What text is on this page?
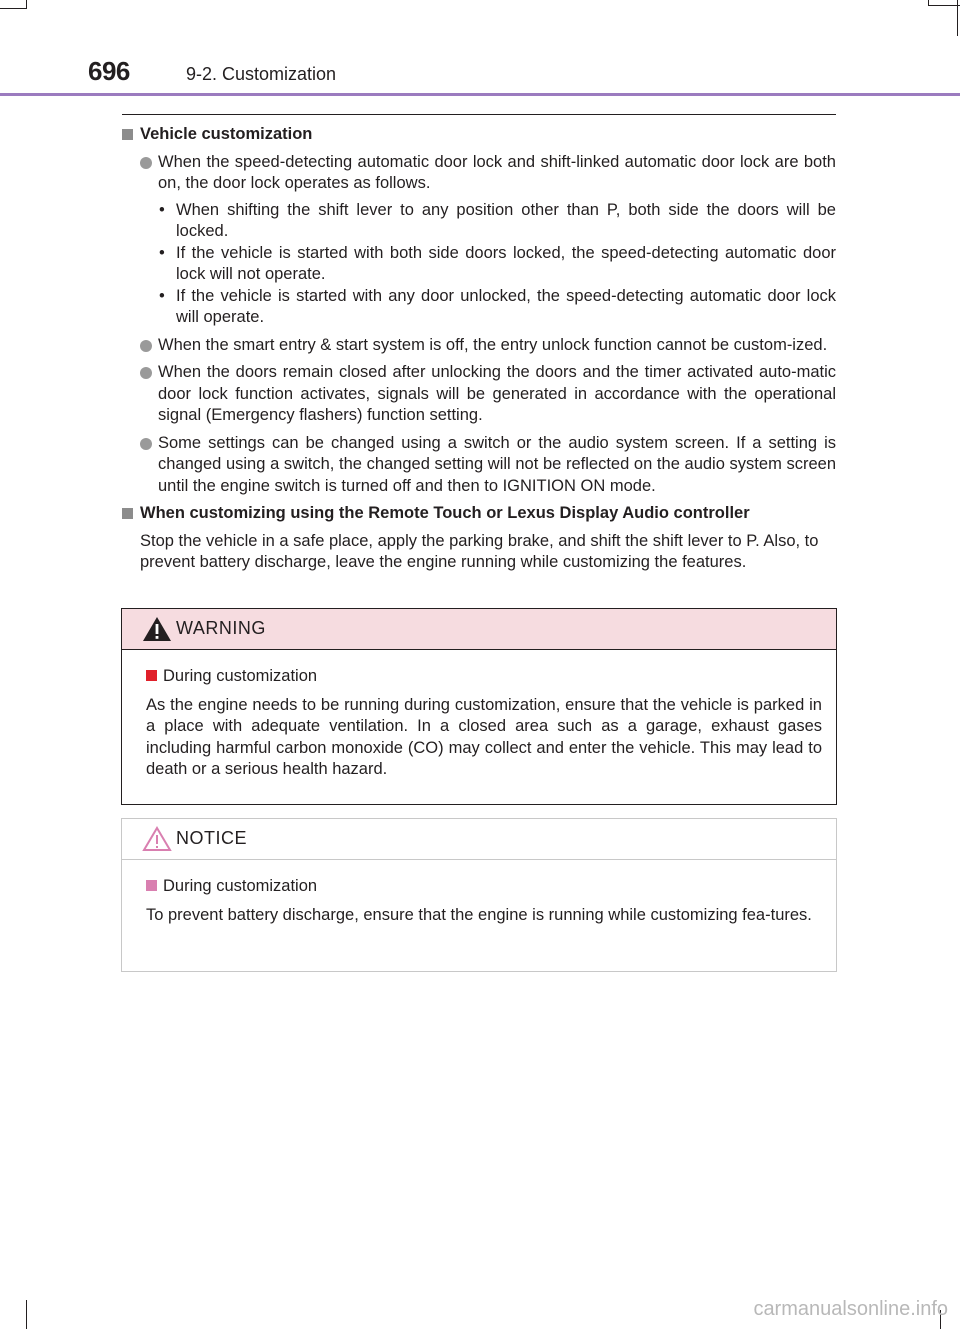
696	9-2. Customization
Vehicle customization
When the speed-detecting automatic door lock and shift-linked automatic door lock are both on, the door lock operates as follows.
• When shifting the shift lever to any position other than P, both side the doors will be locked.
• If the vehicle is started with both side doors locked, the speed-detecting automatic door lock will not operate.
• If the vehicle is started with any door unlocked, the speed-detecting automatic door lock will operate.
When the smart entry & start system is off, the entry unlock function cannot be custom-ized.
When the doors remain closed after unlocking the doors and the timer activated auto-matic door lock function activates, signals will be generated in accordance with the operational signal (Emergency flashers) function setting.
Some settings can be changed using a switch or the audio system screen. If a setting is changed using a switch, the changed setting will not be reflected on the audio system screen until the engine switch is turned off and then to IGNITION ON mode.
When customizing using the Remote Touch or Lexus Display Audio controller
Stop the vehicle in a safe place, apply the parking brake, and shift the shift lever to P. Also, to prevent battery discharge, leave the engine running while customizing the features.
WARNING
During customization
As the engine needs to be running during customization, ensure that the vehicle is parked in a place with adequate ventilation. In a closed area such as a garage, exhaust gases including harmful carbon monoxide (CO) may collect and enter the vehicle. This may lead to death or a serious health hazard.
NOTICE
During customization
To prevent battery discharge, ensure that the engine is running while customizing fea-tures.
carmanualsonline.info
